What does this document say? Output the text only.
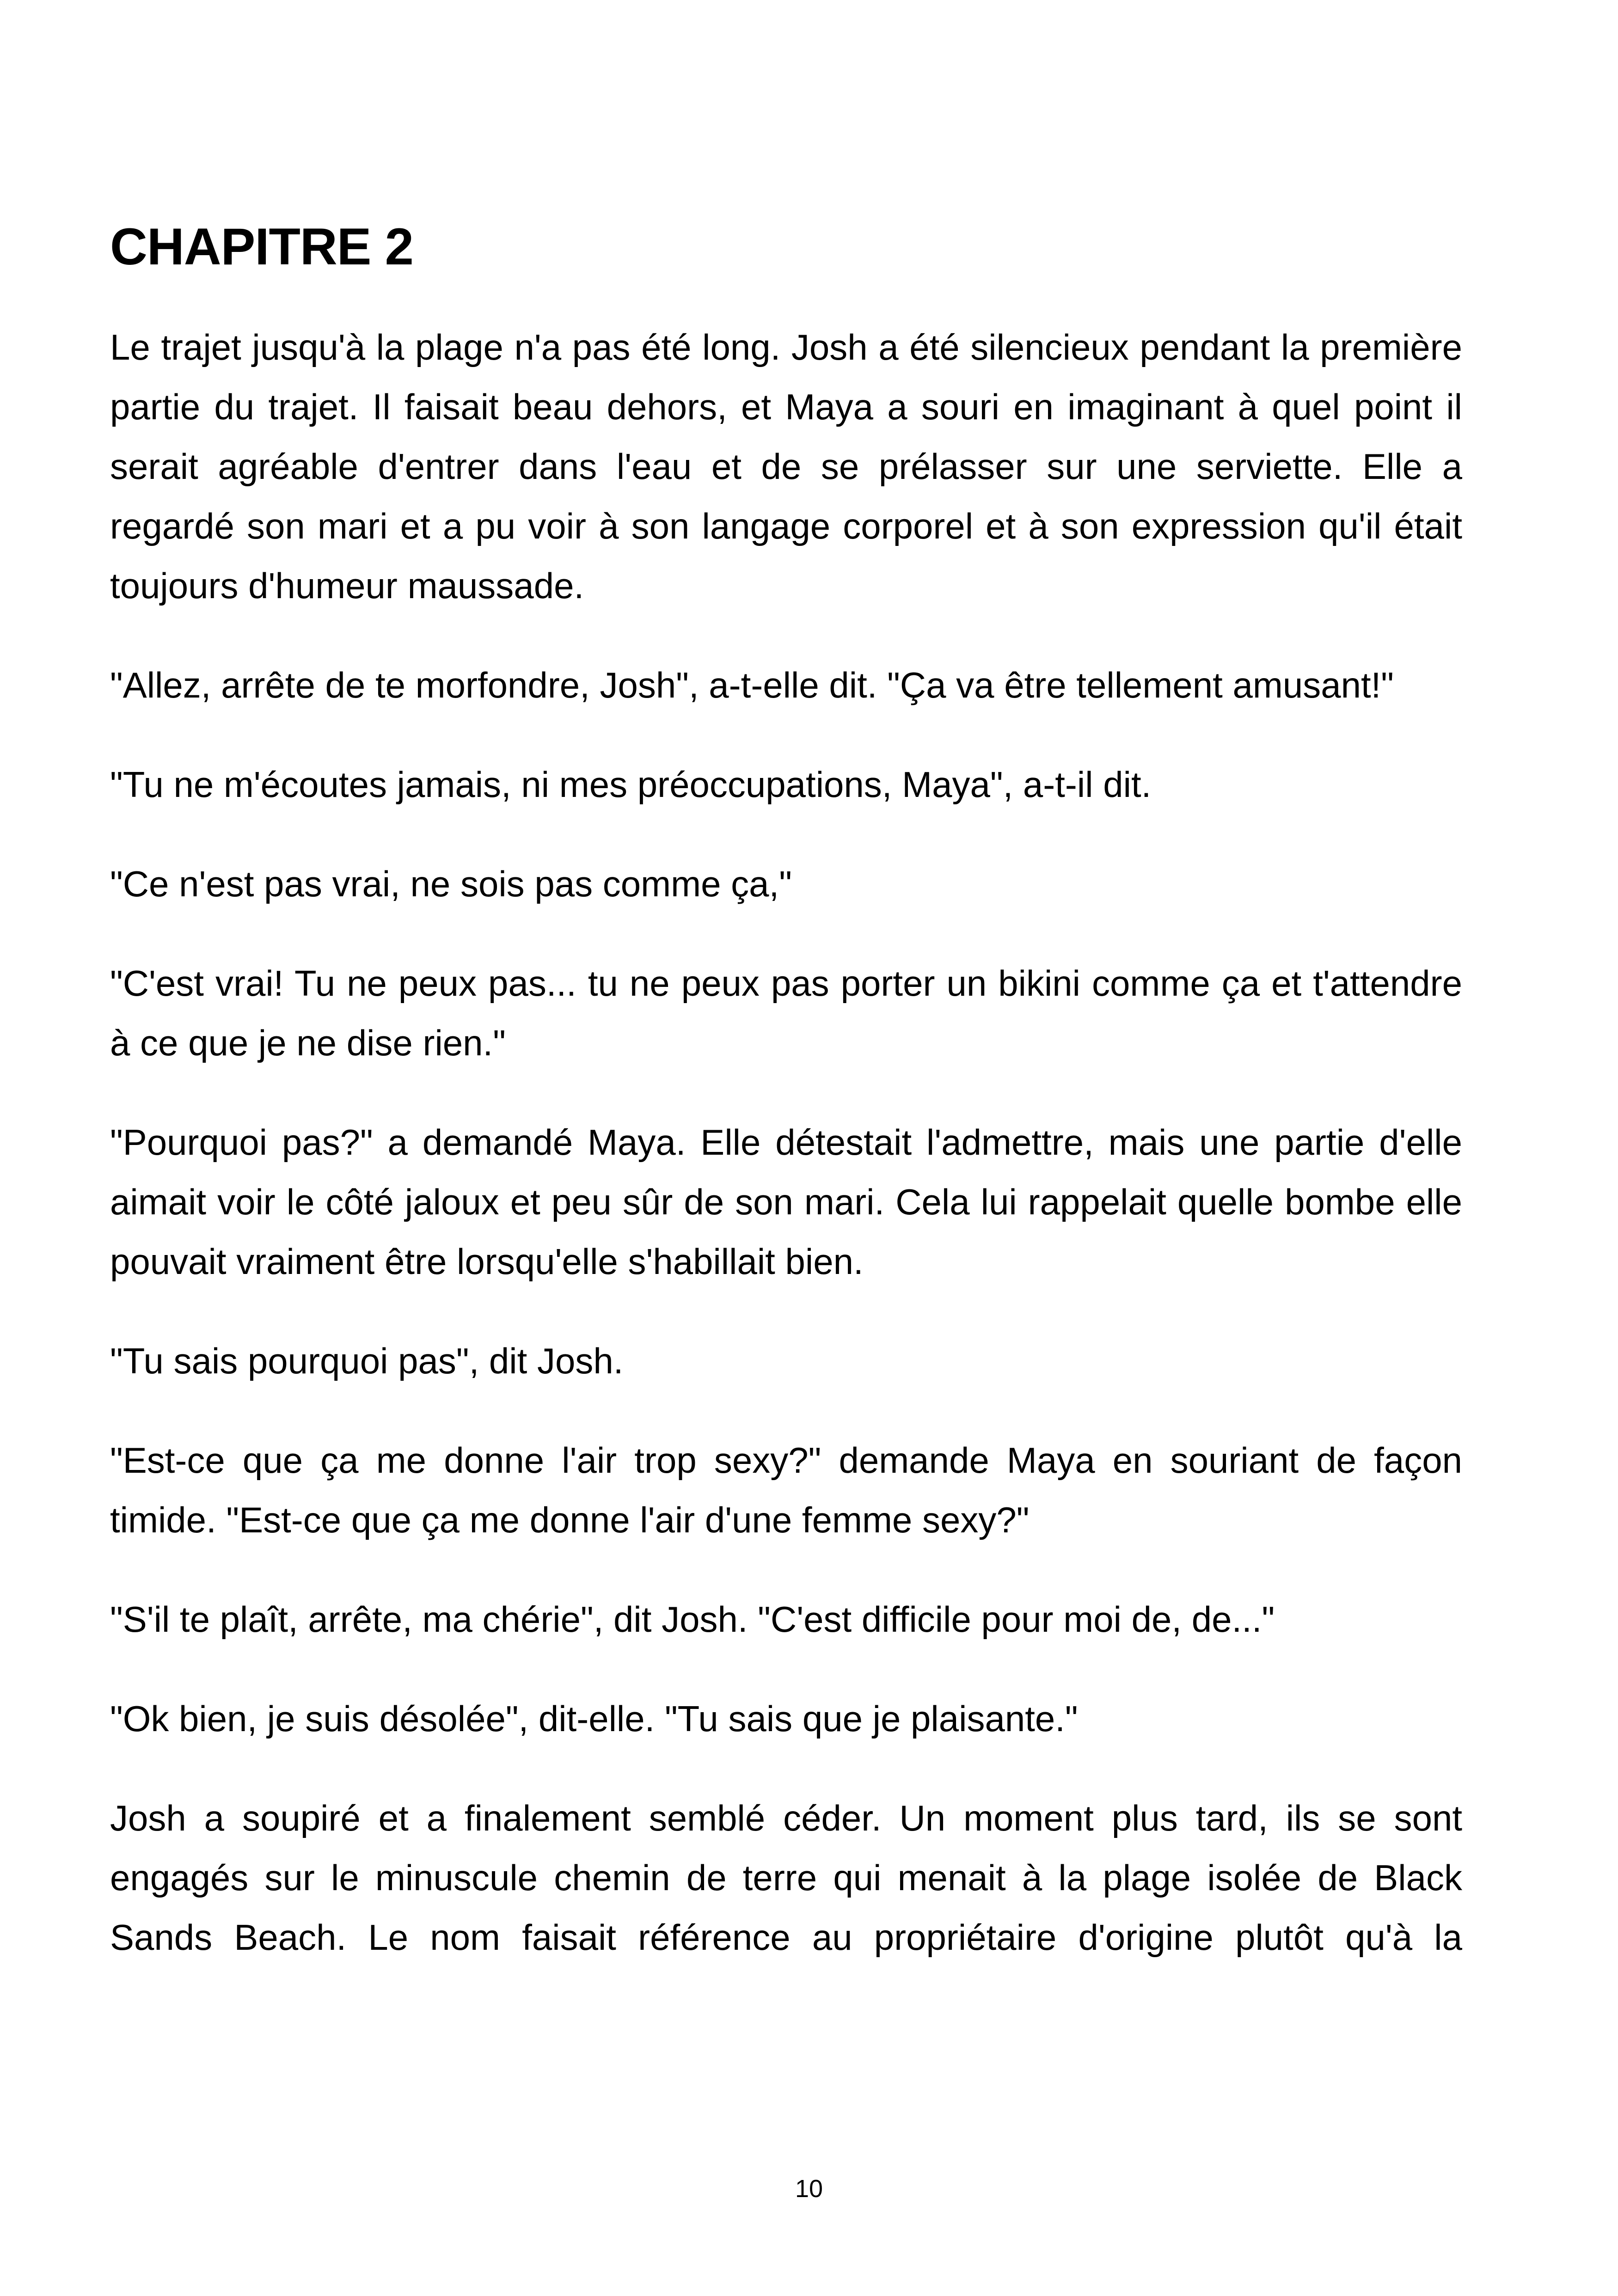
CHAPITRE 2

Le trajet jusqu'à la plage n'a pas été long. Josh a été silencieux pendant la première partie du trajet. Il faisait beau dehors, et Maya a souri en imaginant à quel point il serait agréable d'entrer dans l'eau et de se prélasser sur une serviette. Elle a regardé son mari et a pu voir à son langage corporel et à son expression qu'il était toujours d'humeur maussade.

"Allez, arrête de te morfondre, Josh", a-t-elle dit. "Ça va être tellement amusant!"

"Tu ne m'écoutes jamais, ni mes préoccupations, Maya", a-t-il dit.

"Ce n'est pas vrai, ne sois pas comme ça,"

"C'est vrai! Tu ne peux pas... tu ne peux pas porter un bikini comme ça et t'attendre à ce que je ne dise rien."

"Pourquoi pas?" a demandé Maya. Elle détestait l'admettre, mais une partie d'elle aimait voir le côté jaloux et peu sûr de son mari. Cela lui rappelait quelle bombe elle pouvait vraiment être lorsqu'elle s'habillait bien.

"Tu sais pourquoi pas", dit Josh.

"Est-ce que ça me donne l'air trop sexy?" demande Maya en souriant de façon timide. "Est-ce que ça me donne l'air d'une femme sexy?"

"S'il te plaît, arrête, ma chérie", dit Josh. "C'est difficile pour moi de, de..."

"Ok bien, je suis désolée", dit-elle. "Tu sais que je plaisante."

Josh a soupiré et a finalement semblé céder. Un moment plus tard, ils se sont engagés sur le minuscule chemin de terre qui menait à la plage isolée de Black Sands Beach. Le nom faisait référence au propriétaire d'origine plutôt qu'à la

10
